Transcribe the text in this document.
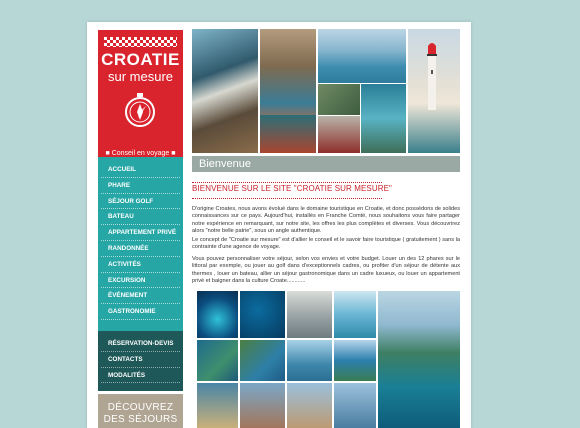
CROATIE
sur mesure
■ Conseil en voyage ■
ACCUEIL
PHARE
SÉJOUR GOLF
BATEAU
APPARTEMENT PRIVÉ
RANDONNÉE
ACTIVITÉS
EXCURSION
ÉVÉNEMENT
GASTRONOMIE
RÉSERVATION-DEVIS
CONTACTS
MODALITÉS
DÉCOUVREZ
DES SÉJOURS
Bienvenue
BIENVENUE SUR LE SITE "CROATIE SUR MESURE"

D'origine Croates, nous avons évolué dans le domaine touristique en Croatie, et donc possédons de solides connaissances sur ce pays. Aujourd'hui, installés en Franche Comté, nous souhaitons vous faire partager notre expérience en remarquant, sur notre site, les offres les plus complètes et diverses. Vous découvrirez alors "notre belle patrie", sous un angle authentique.

Le concept de "Croatie sur mesure" est d'allier le conseil et le savoir faire touristique ( gratuitement ) sans la contrainte d'une agence de voyage.

Vous pouvez personnaliser votre séjour, selon vos envies et votre budget. Louer un des 12 phares sur le littoral par exemple, ou jouer au golf dans d'exceptionnels cadres, ou profiter d'un séjour de détente aux thermes , louer un bateau, allier un séjour gastronomique dans un cadre luxueux, ou louer un appartement privé et baigner dans la culture Croate............
